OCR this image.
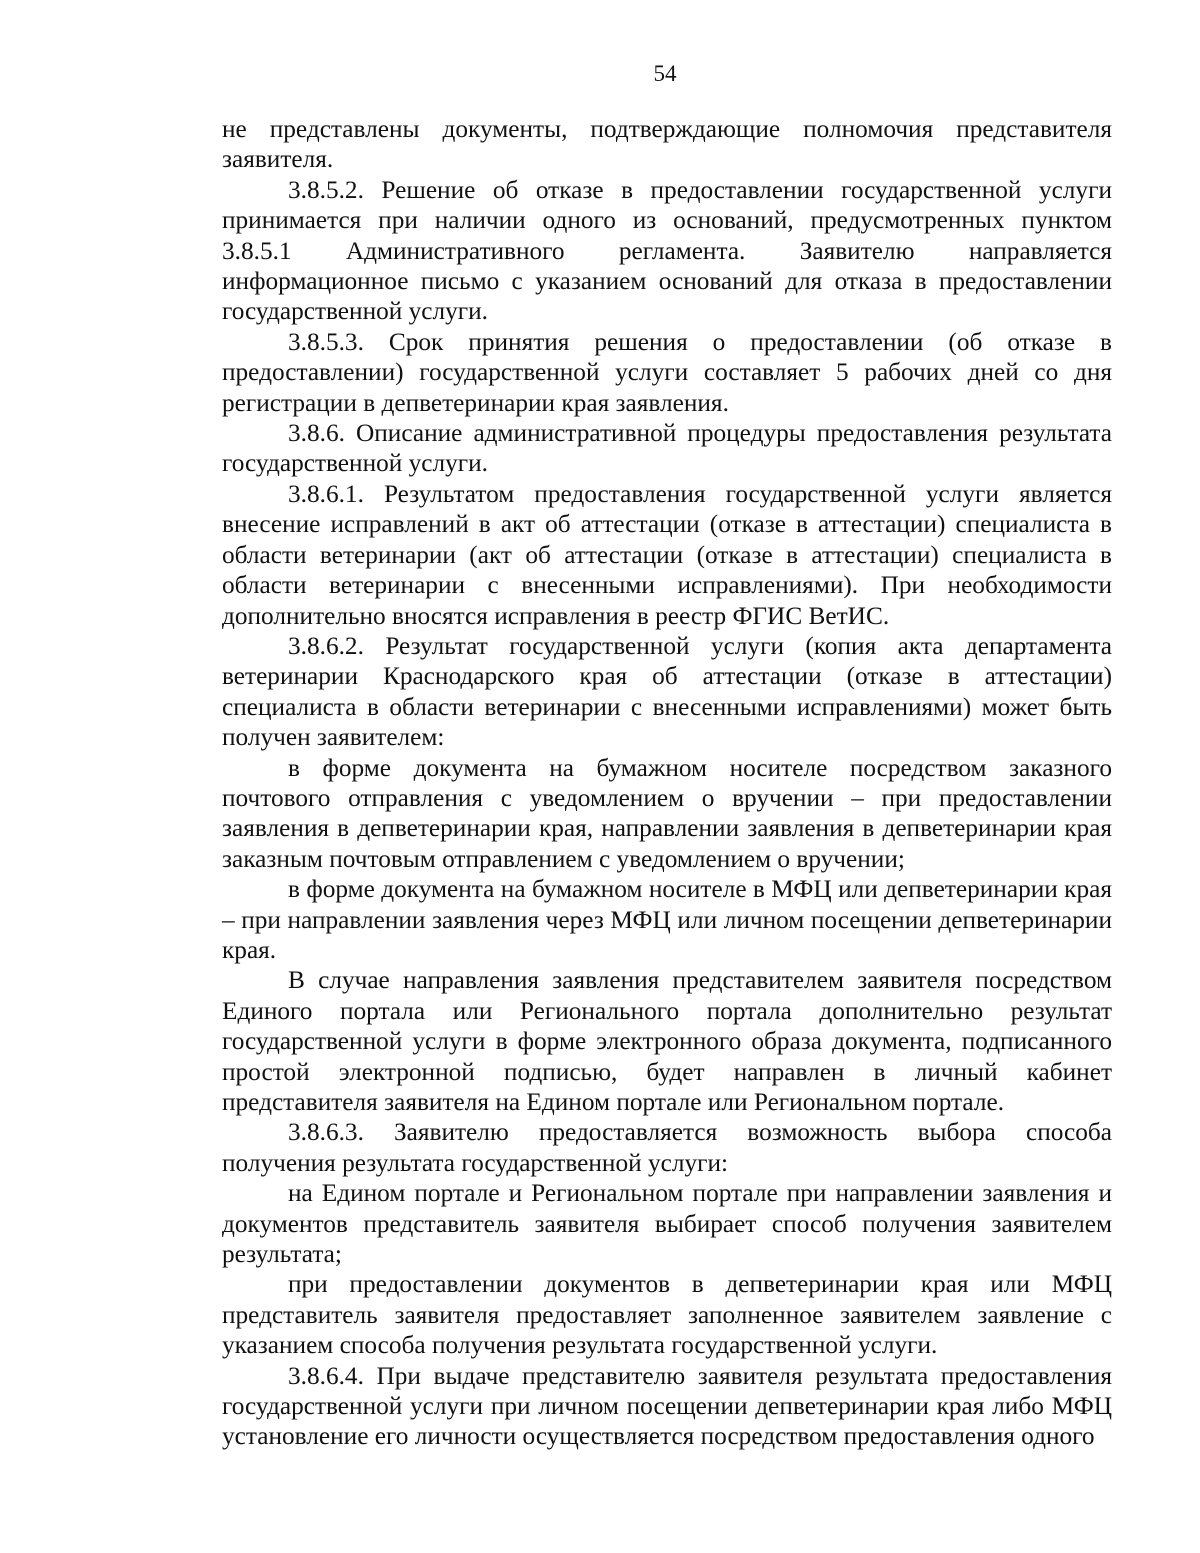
54

не представлены документы, подтверждающие полномочия представителя заявителя.

3.8.5.2. Решение об отказе в предоставлении государственной услуги принимается при наличии одного из оснований, предусмотренных пунктом 3.8.5.1 Административного регламента. Заявителю направляется информационное письмо с указанием оснований для отказа в предоставлении государственной услуги.

3.8.5.3. Срок принятия решения о предоставлении (об отказе в предоставлении) государственной услуги составляет 5 рабочих дней со дня регистрации в депветеринарии края заявления.

3.8.6. Описание административной процедуры предоставления результата государственной услуги.

3.8.6.1. Результатом предоставления государственной услуги является внесение исправлений в акт об аттестации (отказе в аттестации) специалиста в области ветеринарии (акт об аттестации (отказе в аттестации) специалиста в области ветеринарии с внесенными исправлениями). При необходимости дополнительно вносятся исправления в реестр ФГИС ВетИС.

3.8.6.2. Результат государственной услуги (копия акта департамента ветеринарии Краснодарского края об аттестации (отказе в аттестации) специалиста в области ветеринарии с внесенными исправлениями) может быть получен заявителем:

в форме документа на бумажном носителе посредством заказного почтового отправления с уведомлением о вручении – при предоставлении заявления в депветеринарии края, направлении заявления в депветеринарии края заказным почтовым отправлением с уведомлением о вручении;

в форме документа на бумажном носителе в МФЦ или депветеринарии края – при направлении заявления через МФЦ или личном посещении депветеринарии края.

В случае направления заявления представителем заявителя посредством Единого портала или Регионального портала дополнительно результат государственной услуги в форме электронного образа документа, подписанного простой электронной подписью, будет направлен в личный кабинет представителя заявителя на Едином портале или Региональном портале.

3.8.6.3. Заявителю предоставляется возможность выбора способа получения результата государственной услуги:

на Едином портале и Региональном портале при направлении заявления и документов представитель заявителя выбирает способ получения заявителем результата;

при предоставлении документов в депветеринарии края или МФЦ представитель заявителя предоставляет заполненное заявителем заявление с указанием способа получения результата государственной услуги.

3.8.6.4. При выдаче представителю заявителя результата предоставления государственной услуги при личном посещении депветеринарии края либо МФЦ установление его личности осуществляется посредством предоставления одного
